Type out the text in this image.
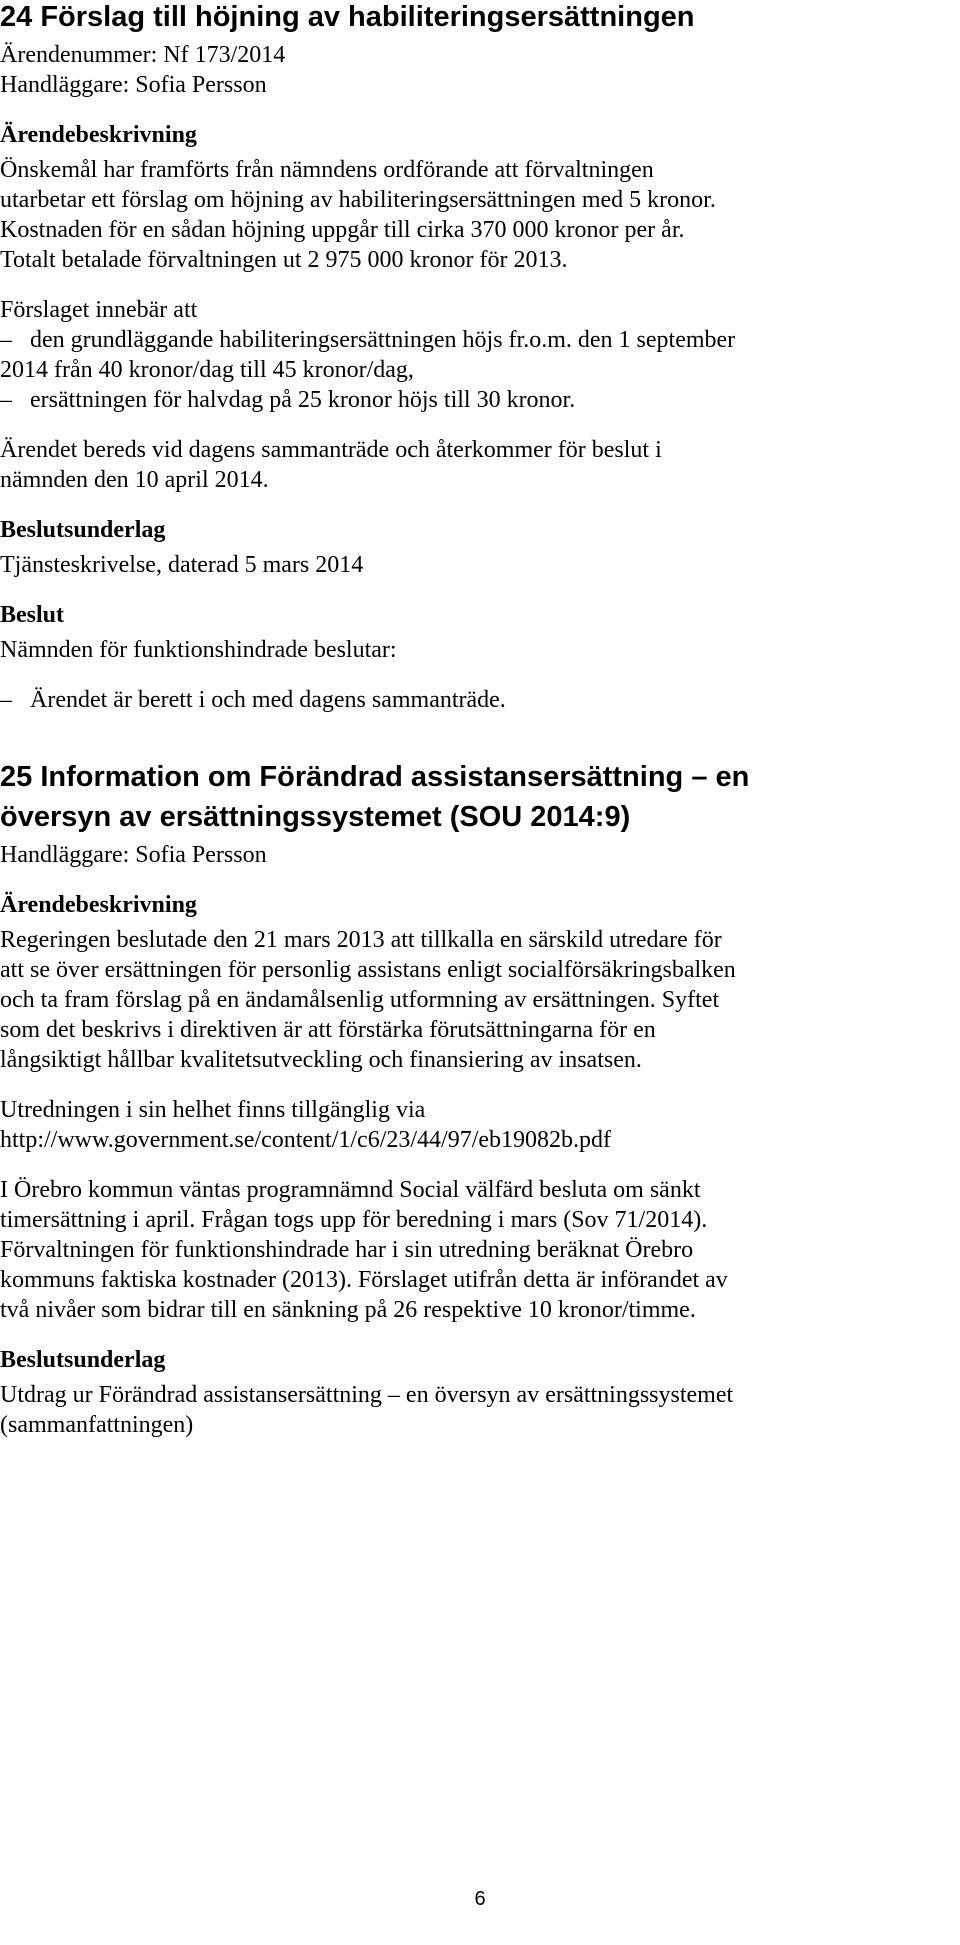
24 Förslag till höjning av habiliteringsersättningen
Ärendenummer: Nf 173/2014
Handläggare: Sofia Persson
Ärendebeskrivning
Önskemål har framförts från nämndens ordförande att förvaltningen
utarbetar ett förslag om höjning av habiliteringsersättningen med 5 kronor.
Kostnaden för en sådan höjning uppgår till cirka 370 000 kronor per år.
Totalt betalade förvaltningen ut 2 975 000 kronor för 2013.
Förslaget innebär att
– den grundläggande habiliteringsersättningen höjs fr.o.m. den 1 september
2014 från 40 kronor/dag till 45 kronor/dag,
– ersättningen för halvdag på 25 kronor höjs till 30 kronor.
Ärendet bereds vid dagens sammanträde och återkommer för beslut i
nämnden den 10 april 2014.
Beslutsunderlag
Tjänsteskrivelse, daterad 5 mars 2014
Beslut
Nämnden för funktionshindrade beslutar:
– Ärendet är berett i och med dagens sammanträde.
25 Information om Förändrad assistansersättning – en
översyn av ersättningssystemet (SOU 2014:9)
Handläggare: Sofia Persson
Ärendebeskrivning
Regeringen beslutade den 21 mars 2013 att tillkalla en särskild utredare för
att se över ersättningen för personlig assistans enligt socialförsäkringsbalken
och ta fram förslag på en ändamålsenlig utformning av ersättningen. Syftet
som det beskrivs i direktiven är att förstärka förutsättningarna för en
långsiktigt hållbar kvalitetsutveckling och finansiering av insatsen.
Utredningen i sin helhet finns tillgänglig via
http://www.government.se/content/1/c6/23/44/97/eb19082b.pdf
I Örebro kommun väntas programnämnd Social välfärd besluta om sänkt
timersättning i april. Frågan togs upp för beredning i mars (Sov 71/2014).
Förvaltningen för funktionshindrade har i sin utredning beräknat Örebro
kommuns faktiska kostnader (2013). Förslaget utifrån detta är införandet av
två nivåer som bidrar till en sänkning på 26 respektive 10 kronor/timme.
Beslutsunderlag
Utdrag ur Förändrad assistansersättning – en översyn av ersättningssystemet
(sammanfattningen)
6
